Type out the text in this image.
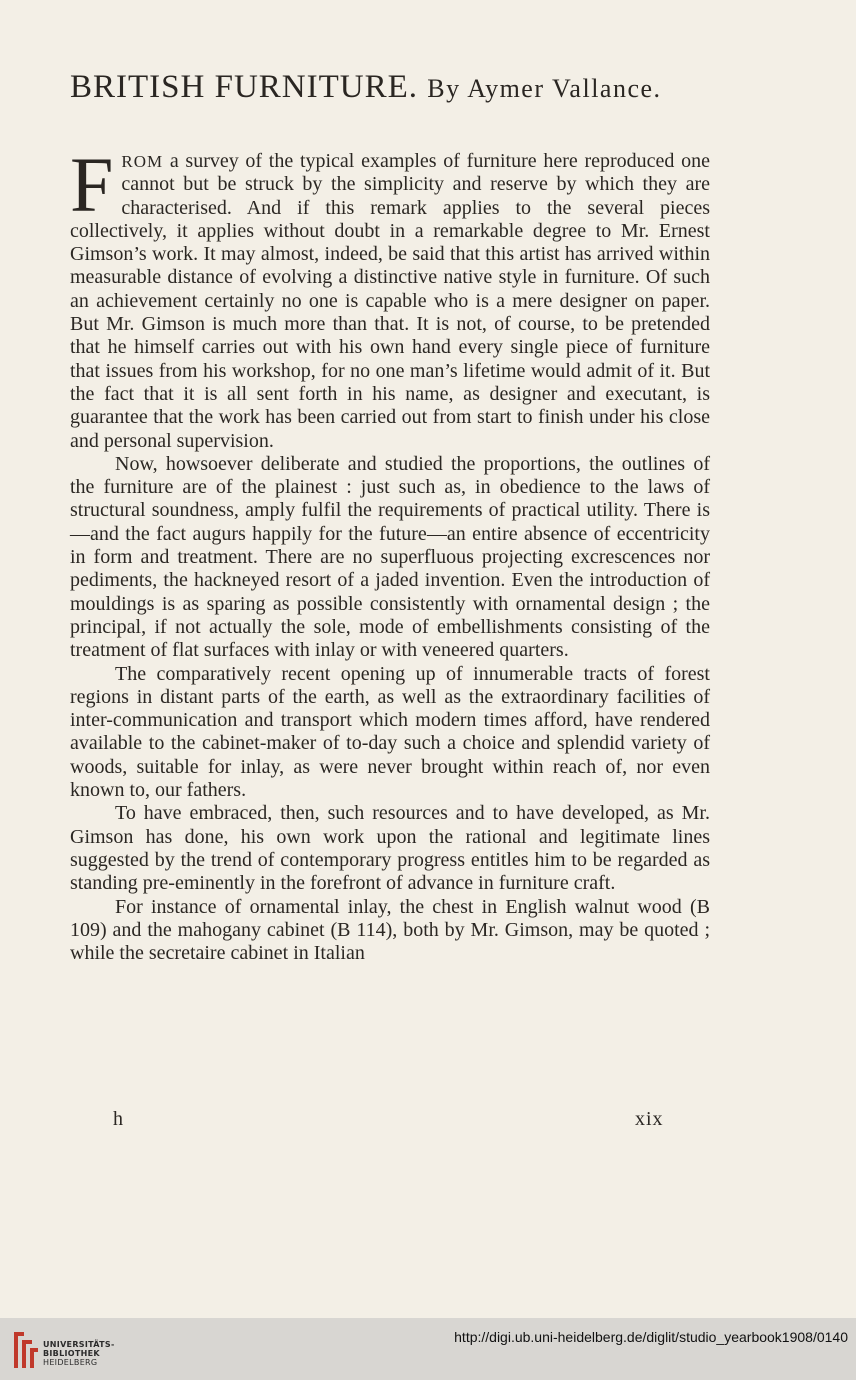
BRITISH FURNITURE. By Aymer Vallance.

FROM a survey of the typical examples of furniture here reproduced one cannot but be struck by the simplicity and reserve by which they are characterised. And if this remark applies to the several pieces collectively, it applies without doubt in a remarkable degree to Mr. Ernest Gimson’s work. It may almost, indeed, be said that this artist has arrived within measurable distance of evolving a distinctive native style in furniture. Of such an achievement certainly no one is capable who is a mere designer on paper. But Mr. Gimson is much more than that. It is not, of course, to be pretended that he himself carries out with his own hand every single piece of furniture that issues from his workshop, for no one man’s lifetime would admit of it. But the fact that it is all sent forth in his name, as designer and executant, is guarantee that the work has been carried out from start to finish under his close and personal supervision.

Now, howsoever deliberate and studied the proportions, the outlines of the furniture are of the plainest : just such as, in obedience to the laws of structural soundness, amply fulfil the requirements of practical utility. There is—and the fact augurs happily for the future—an entire absence of eccentricity in form and treatment. There are no superfluous projecting excrescences nor pediments, the hackneyed resort of a jaded invention. Even the introduction of mouldings is as sparing as possible consistently with ornamental design ; the principal, if not actually the sole, mode of embellishments consisting of the treatment of flat surfaces with inlay or with veneered quarters.

The comparatively recent opening up of innumerable tracts of forest regions in distant parts of the earth, as well as the extraordinary facilities of inter-communication and transport which modern times afford, have rendered available to the cabinet-maker of to-day such a choice and splendid variety of woods, suitable for inlay, as were never brought within reach of, nor even known to, our fathers.

To have embraced, then, such resources and to have developed, as Mr. Gimson has done, his own work upon the rational and legitimate lines suggested by the trend of contemporary progress entitles him to be regarded as standing pre-eminently in the forefront of advance in furniture craft.

For instance of ornamental inlay, the chest in English walnut wood (B 109) and the mahogany cabinet (B 114), both by Mr. Gimson, may be quoted ; while the secretaire cabinet in Italian

h	xix
UNIVERSITÄTS-
BIBLIOTHEK
HEIDELBERG
http://digi.ub.uni-heidelberg.de/diglit/studio_yearbook1908/0140
